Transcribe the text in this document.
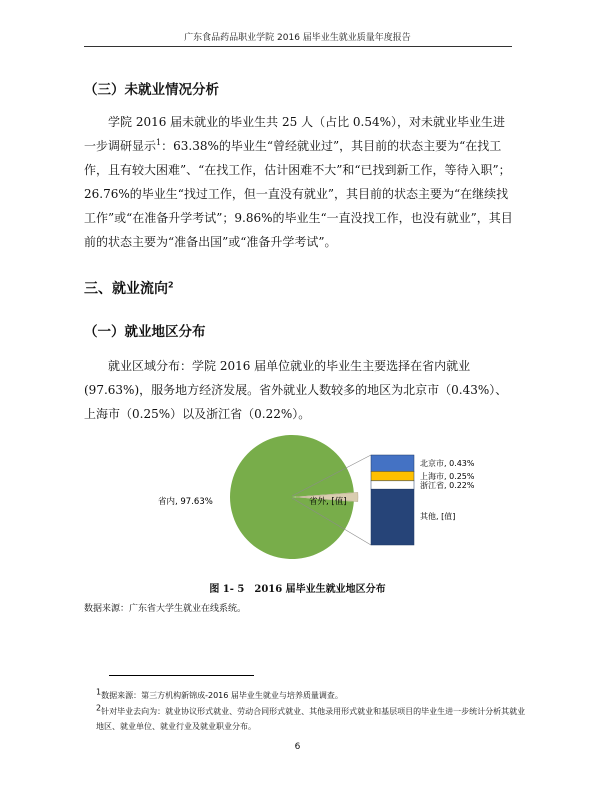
广东食品药品职业学院 2016 届毕业生就业质量年度报告
（三）未就业情况分析
学院 2016 届未就业的毕业生共 25 人（占比 0.54%），对未就业毕业生进一步调研显示$^1$：63.38%的毕业生“曾经就业过”，其目前的状态主要为“在找工作，且有较大困难”、“在找工作，估计困难不大”和“已找到新工作，等待入职”；26.76%的毕业生“找过工作，但一直没有就业”，其目前的状态主要为“在继续找工作”或“在准备升学考试”；9.86%的毕业生“一直没找工作，也没有就业”，其目前的状态主要为“准备出国”或“准备升学考试”。
三、就业流向$^2$
（一）就业地区分布
就业区域分布：学院 2016 届单位就业的毕业生主要选择在省内就业(97.63%)，服务地方经济发展。省外就业人数较多的地区为北京市（0.43%）、上海市（0.25%）以及浙江省（0.22%）。
省内, 97.63%	省外, [值]
北京市, 0.43%
上海市, 0.25%
浙江省, 0.22%
其他, [值]
图 1- 5　2016 届毕业生就业地区分布
数据来源：广东省大学生就业在线系统。
$^1$数据来源：第三方机构新锦成-2016 届毕业生就业与培养质量调查。
$^2$针对毕业去向为：就业协议形式就业、劳动合同形式就业、其他录用形式就业和基层项目的毕业生进一步统计分析其就业地区、就业单位、就业行业及就业职业分布。
6
